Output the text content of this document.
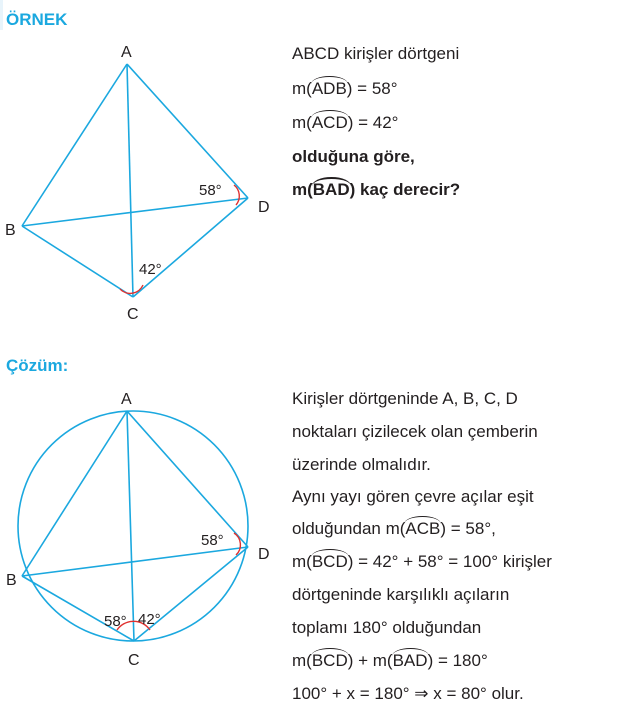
ÖRNEK
A
B
C
D
58°
42°
ABCD kirişler dörtgeni
m(ADB) = 58°
m(ACD) = 42°
olduğuna göre,
m(BAD) kaç derecir?
Çözüm:
A
B
C
D
58°
58° 42°
Kirişler dörtgeninde A, B, C, D
noktaları çizilecek olan çemberin
üzerinde olmalıdır.
Aynı yayı gören çevre açılar eşit
olduğundan m(ACB) = 58°,
m(BCD) = 42° + 58° = 100° kirişler
dörtgeninde karşılıklı açıların
toplamı 180° olduğundan
m(BCD) + m(BAD) = 180°
100° + x = 180° ⇒ x = 80° olur.
